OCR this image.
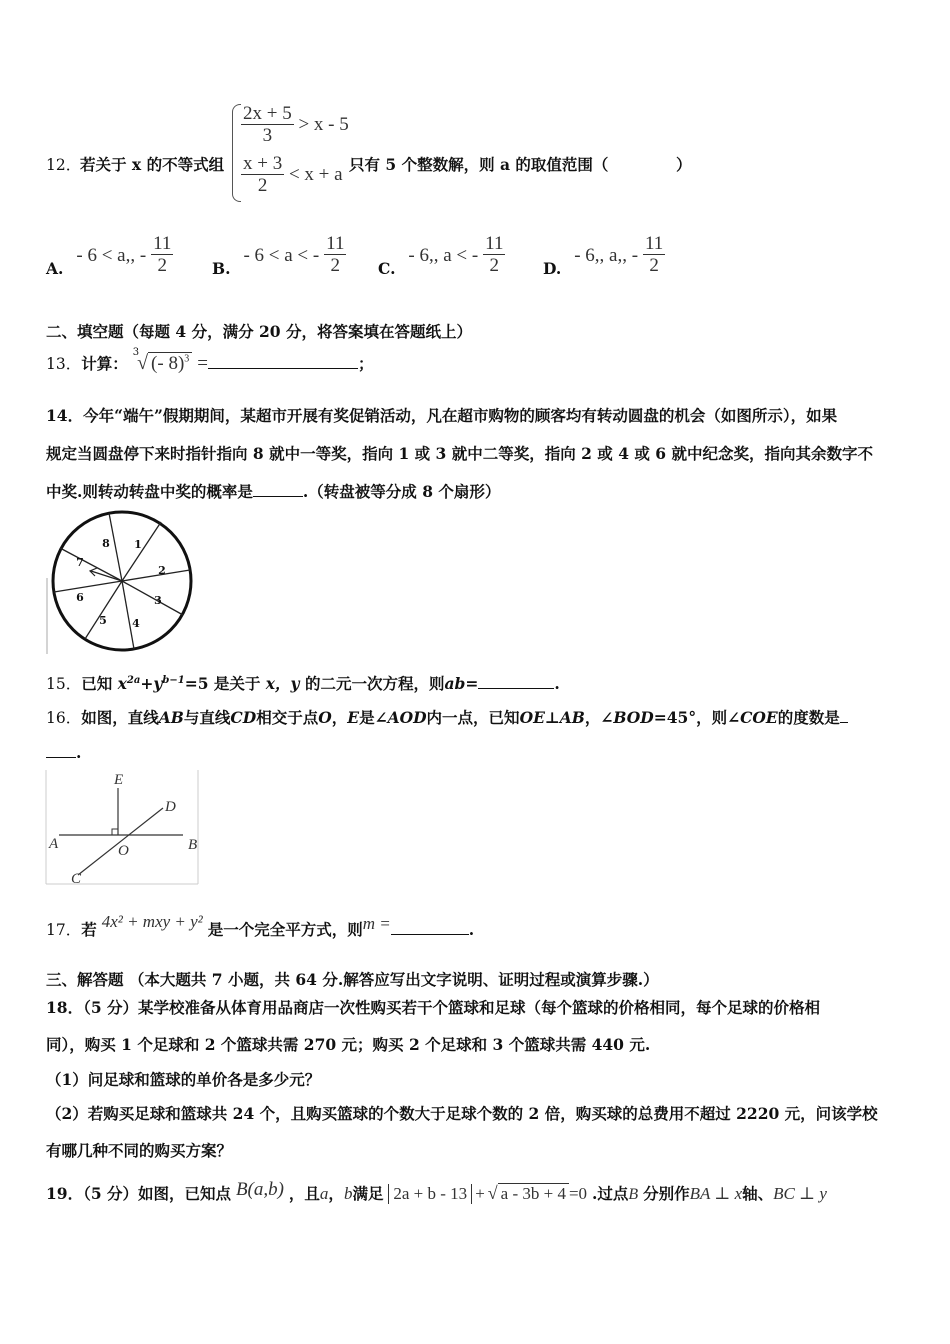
12．
若关于 x 的不等式组
$\frac{2x + 5}{3} > x - 5$
$\frac{x + 3}{2} < x + a$ 只有 5 个整数解，则 a 的取值范围（	）
A. - 6 < a,, - $\frac{11}{2} B$. - 6 < a < - $\frac{11}{2} C$. - 6,, a < - $\frac{11}{2} D$. - 6,, a,, - $\frac{11}{2}$
二、填空题（每题 4 分，满分 20 分，将答案填在答题纸上）
13．计算： $^3$√ (- 8)$^3$ =	；
14．今年“端午”假期期间，某超市开展有奖促销活动，凡在超市购物的顾客均有转动圆盘的机会（如图所示），如果
规定当圆盘停下来时指针指向 8 就中一等奖，指向 1 或 3 就中二等奖，指向 2 或 4 或 6 就中纪念奖，指向其余数字不
中奖.则转动转盘中奖的概率是	.（转盘被等分成 8 个扇形）
1
2
3
4
5
6
7
8
15．已知 $x^{2a}+y^{b-1}=5$ 是关于 x，y 的二元一次方程，则ab=	.
16．如图，直线AB与直线CD相交于点O，E是∠AOD内一点，已知OE⊥AB，∠BOD=45°，则∠COE的度数是
.
E
D
A	O	B
C
17．若 4x² + mxy + y² 是一个完全平方式，则m =	.
三、解答题 （本大题共 7 小题，共 64 分.解答应写出文字说明、证明过程或演算步骤.）
18．（5 分）某学校准备从体育用品商店一次性购买若干个篮球和足球（每个篮球的价格相同，每个足球的价格相
同），购买 1 个足球和 2 个篮球共需 270 元；购买 2 个足球和 3 个篮球共需 440 元.
（1）问足球和篮球的单价各是多少元？
（2）若购买足球和篮球共 24 个，且购买篮球的个数大于足球个数的 2 倍，购买球的总费用不超过 2220 元，问该学校
有哪几种不同的购买方案？
19．（5 分）如图，已知点 B(a,b) ，且a，b满足 2a + b - 13 + √ a - 3b + 4 =0 .过点B 分别作BA ⊥ x轴、BC ⊥ y
